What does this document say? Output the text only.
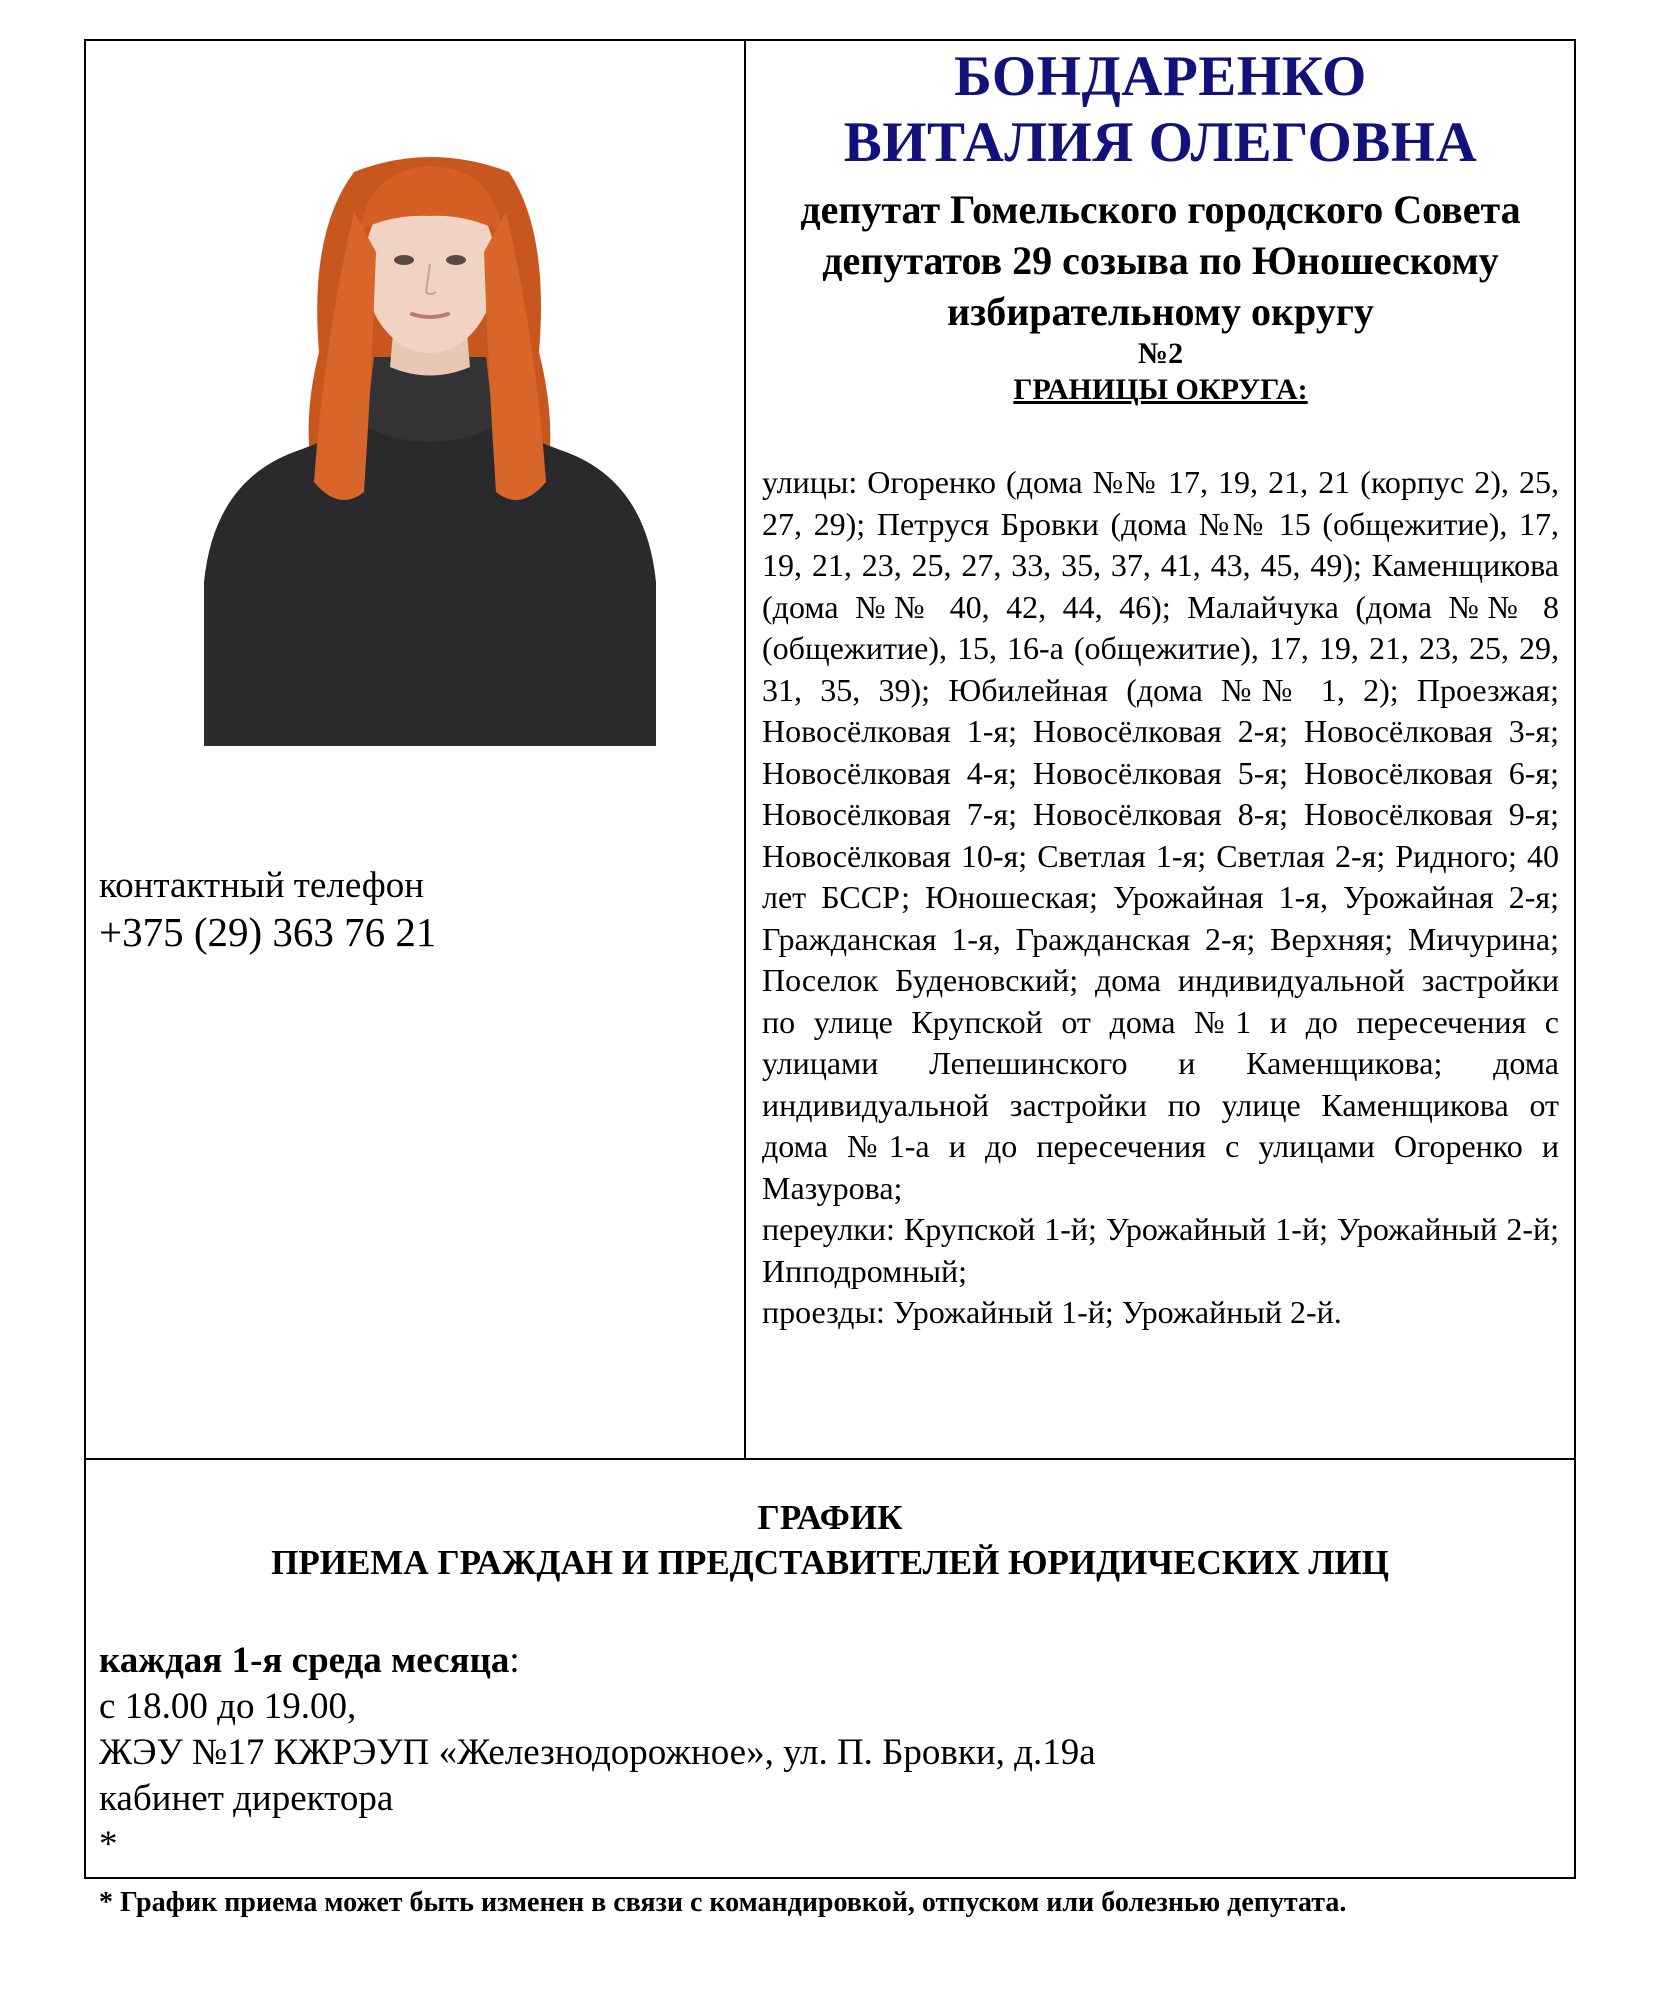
контактный телефон
+375 (29) 363 76 21
БОНДАРЕНКО
ВИТАЛИЯ ОЛЕГОВНА
депутат Гомельского городского Совета депутатов 29 созыва по Юношескому избирательному округу
№2
ГРАНИЦЫ ОКРУГА:

улицы: Огоренко (дома №№ 17, 19, 21, 21 (корпус 2), 25, 27, 29); Петруся Бровки (дома №№ 15 (общежитие), 17, 19, 21, 23, 25, 27, 33, 35, 37, 41, 43, 45, 49); Каменщикова (дома №№ 40, 42, 44, 46); Малайчука (дома №№ 8 (общежитие), 15, 16-а (общежитие), 17, 19, 21, 23, 25, 29, 31, 35, 39); Юбилейная (дома №№ 1, 2); Проезжая; Новосёлковая 1-я; Новосёлковая 2-я; Новосёлковая 3-я; Новосёлковая 4-я; Новосёлковая 5-я; Новосёлковая 6-я; Новосёлковая 7-я; Новосёлковая 8-я; Новосёлковая 9-я; Новосёлковая 10-я; Светлая 1-я; Светлая 2-я; Ридного; 40 лет БССР; Юношеская; Урожайная 1-я, Урожайная 2-я; Гражданская 1-я, Гражданская 2-я; Верхняя; Мичурина; Поселок Буденовский; дома индивидуальной застройки по улице Крупской от дома №1 и до пересечения с улицами Лепешинского и Каменщикова; дома индивидуальной застройки по улице Каменщикова от дома №1-а и до пересечения с улицами Огоренко и Мазурова;

переулки: Крупской 1-й; Урожайный 1-й; Урожайный 2-й; Ипподромный;

проезды: Урожайный 1-й; Урожайный 2-й.

ГРАФИК
ПРИЕМА ГРАЖДАН И ПРЕДСТАВИТЕЛЕЙ ЮРИДИЧЕСКИХ ЛИЦ
каждая 1-я среда месяца:
с 18.00 до 19.00,
ЖЭУ №17 КЖРЭУП «Железнодорожное», ул. П. Бровки, д.19а
кабинет директора
*
* График приема может быть изменен в связи с командировкой, отпуском или болезнью депутата.
